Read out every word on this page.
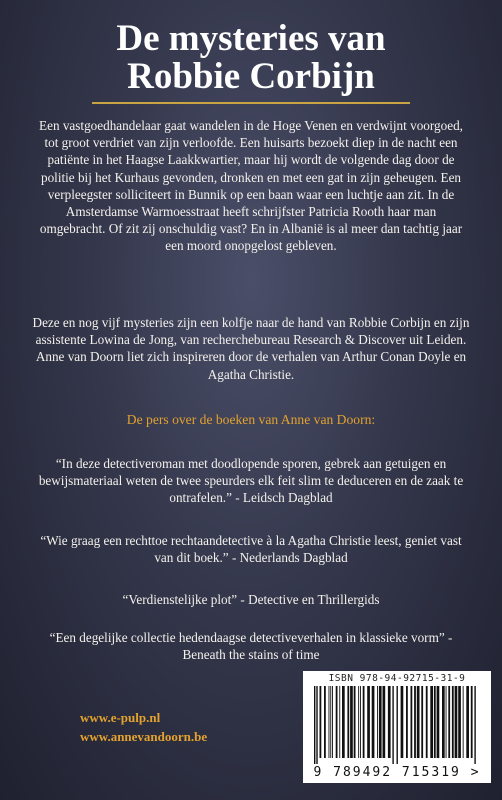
De mysteries van
Robbie Corbijn

Een vastgoedhandelaar gaat wandelen in de Hoge Venen en verdwijnt voorgoed, tot groot verdriet van zijn verloofde. Een huisarts bezoekt diep in de nacht een patiënte in het Haagse Laakkwartier, maar hij wordt de volgende dag door de politie bij het Kurhaus gevonden, dronken en met een gat in zijn geheugen. Een verpleegster solliciteert in Bunnik op een baan waar een luchtje aan zit. In de Amsterdamse Warmoesstraat heeft schrijfster Patricia Rooth haar man omgebracht. Of zit zij onschuldig vast? En in Albanië is al meer dan tachtig jaar een moord onopgelost gebleven.

Deze en nog vijf mysteries zijn een kolfje naar de hand van Robbie Corbijn en zijn assistente Lowina de Jong, van recherchebureau Research & Discover uit Leiden. Anne van Doorn liet zich inspireren door de verhalen van Arthur Conan Doyle en Agatha Christie.

De pers over de boeken van Anne van Doorn:

“In deze detectiveroman met doodlopende sporen, gebrek aan getuigen en bewijsmateriaal weten de twee speurders elk feit slim te deduceren en de zaak te ontrafelen.” - Leidsch Dagblad

“Wie graag een rechttoe rechtaandetective à la Agatha Christie leest, geniet vast van dit boek.” - Nederlands Dagblad

“Verdienstelijke plot” - Detective en Thrillergids

“Een degelijke collectie hedendaagse detectiveverhalen in klassieke vorm” - Beneath the stains of time

www.e-pulp.nl
www.annevandoorn.be
ISBN 978-94-92715-31-9
9 789492 715319 >
